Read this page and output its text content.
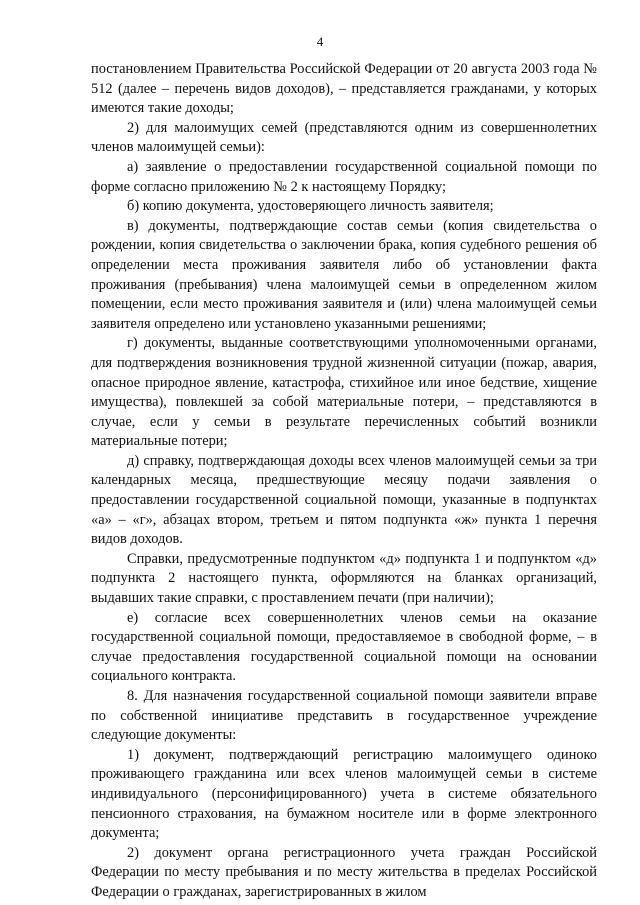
4

постановлением Правительства Российской Федерации от 20 августа 2003 года № 512 (далее – перечень видов доходов), – представляется гражданами, у которых имеются такие доходы;

2) для малоимущих семей (представляются одним из совершеннолетних членов малоимущей семьи):

а) заявление о предоставлении государственной социальной помощи по форме согласно приложению № 2 к настоящему Порядку;

б) копию документа, удостоверяющего личность заявителя;

в) документы, подтверждающие состав семьи (копия свидетельства о рождении, копия свидетельства о заключении брака, копия судебного решения об определении места проживания заявителя либо об установлении факта проживания (пребывания) члена малоимущей семьи в определенном жилом помещении, если место проживания заявителя и (или) члена малоимущей семьи заявителя определено или установлено указанными решениями;

г) документы, выданные соответствующими уполномоченными органами, для подтверждения возникновения трудной жизненной ситуации (пожар, авария, опасное природное явление, катастрофа, стихийное или иное бедствие, хищение имущества), повлекшей за собой материальные потери, – представляются в случае, если у семьи в результате перечисленных событий возникли материальные потери;

д) справку, подтверждающая доходы всех членов малоимущей семьи за три календарных месяца, предшествующие месяцу подачи заявления о предоставлении государственной социальной помощи, указанные в подпунктах «а» – «г», абзацах втором, третьем и пятом подпункта «ж» пункта 1 перечня видов доходов.

Справки, предусмотренные подпунктом «д» подпункта 1 и подпунктом «д» подпункта 2 настоящего пункта, оформляются на бланках организаций, выдавших такие справки, с проставлением печати (при наличии);

е) согласие всех совершеннолетних членов семьи на оказание государственной социальной помощи, предоставляемое в свободной форме, – в случае предоставления государственной социальной помощи на основании социального контракта.

8. Для назначения государственной социальной помощи заявители вправе по собственной инициативе представить в государственное учреждение следующие документы:

1) документ, подтверждающий регистрацию малоимущего одиноко проживающего гражданина или всех членов малоимущей семьи в системе индивидуального (персонифицированного) учета в системе обязательного пенсионного страхования, на бумажном носителе или в форме электронного документа;

2) документ органа регистрационного учета граждан Российской Федерации по месту пребывания и по месту жительства в пределах Российской Федерации о гражданах, зарегистрированных в жилом
